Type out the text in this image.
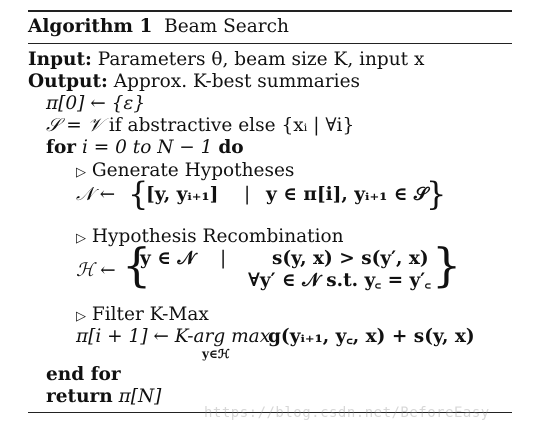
Algorithm 1 Beam Search
Input: Parameters θ, beam size K, input x
Output: Approx. K-best summaries
π[0] ← {ε}
𝒮 = 𝒱 if abstractive else {xᵢ | ∀i}
for i = 0 to N − 1 do
▷ Generate Hypotheses
𝒩 ← {
[y, yᵢ₊₁] | y ∈ π[i], yᵢ₊₁ ∈ 𝒮
}
▷ Hypothesis Recombination
ℋ ← {
y ∈ 𝒩 | s(y, x) > s(y′, x)
∀y′ ∈ 𝒩 s.t. y꜀ = y′꜀ }
▷ Filter K-Max
π[i + 1] ← K-arg max
y∈ℋ
g(yᵢ₊₁, y꜀, x) + s(y, x)
end for
return π[N]
https://blog.csdn.net/BeforeEasy
